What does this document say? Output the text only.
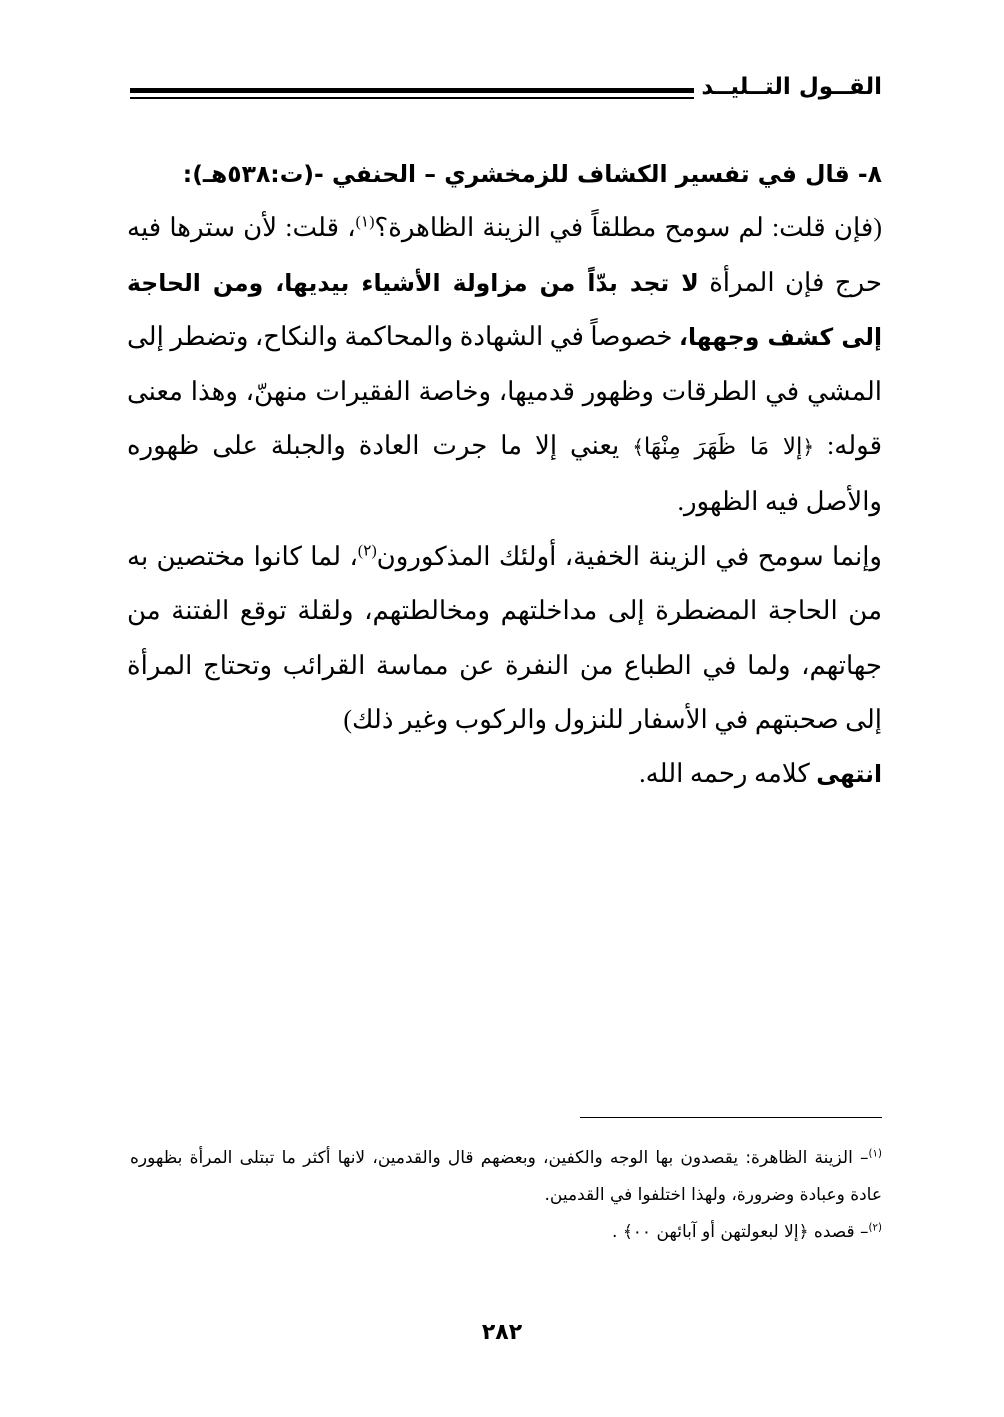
القــول التــليــد

٨- قال في تفسير الكشاف للزمخشري – الحنفي -(ت:٥٣٨هـ):

(فإن قلت: لم سومح مطلقاً في الزينة الظاهرة؟$^{(١)}$، قلت: لأن سترها فيه حرج فإن المرأة لا تجد بدّاً من مزاولة الأشياء بيديها، ومن الحاجة إلى كشف وجهها، خصوصاً في الشهادة والمحاكمة والنكاح، وتضطر إلى المشي في الطرقات وظهور قدميها، وخاصة الفقيرات منهنّ، وهذا معنى قوله: ﴿إلا مَا ظَهَرَ مِنْهَا﴾ يعني إلا ما جرت العادة والجبلة على ظهوره والأصل فيه الظهور.

وإنما سومح في الزينة الخفية، أولئك المذكورون$^{(٢)}$، لما كانوا مختصين به من الحاجة المضطرة إلى مداخلتهم ومخالطتهم، ولقلة توقع الفتنة من جهاتهم، ولما في الطباع من النفرة عن مماسة القرائب وتحتاج المرأة إلى صحبتهم في الأسفار للنزول والركوب وغير ذلك)

انتهى كلامه رحمه الله.

$^{(١)}$– الزينة الظاهرة: يقصدون بها الوجه والكفين، وبعضهم قال والقدمين، لانها أكثر ما تبتلى المرأة بظهوره عادة وعبادة وضرورة، ولهذا اختلفوا في القدمين.

$^{(٢)}$– قصده ﴿إلا لبعولتهن أو آبائهن ٠٠﴾ .

٢٨٢
